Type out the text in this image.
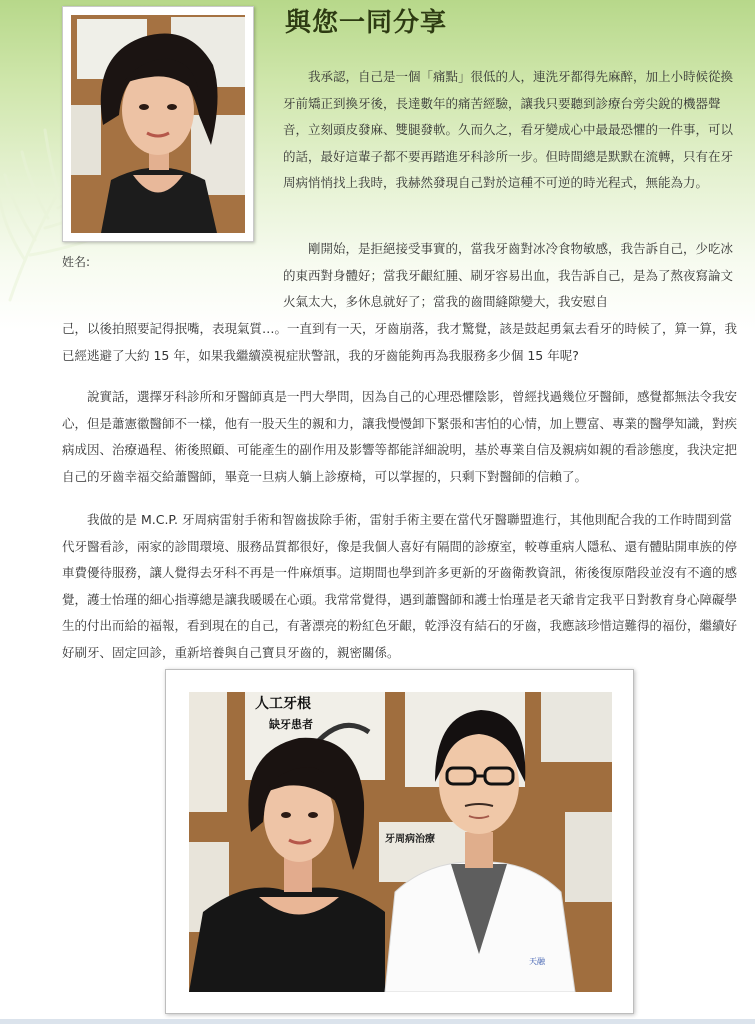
與您一同分享
姓名:

我承認，自己是一個「痛點」很低的人，連洗牙都得先麻醉，加上小時候從換牙前矯正到換牙後，長達數年的痛苦經驗，讓我只要聽到診療台旁尖銳的機器聲音，立刻頭皮發麻、雙腿發軟。久而久之，看牙變成心中最最恐懼的一件事，可以的話，最好這輩子都不要再踏進牙科診所一步。但時間總是默默在流轉，只有在牙周病悄悄找上我時，我赫然發現自己對於這種不可逆的時光程式，無能為力。

剛開始，是拒絕接受事實的，當我牙齒對冰冷食物敏感，我告訴自己，少吃冰的東西對身體好；當我牙齦紅腫、刷牙容易出血，我告訴自己，是為了熬夜寫論文火氣太大，多休息就好了；當我的齒間縫隙變大，我安慰自

己，以後拍照要記得抿嘴，表現氣質…。一直到有一天，牙齒崩落，我才驚覺，該是鼓起勇氣去看牙的時候了，算一算，我已經逃避了大約 15 年，如果我繼續漠視症狀警訊，我的牙齒能夠再為我服務多少個 15 年呢?

說實話，選擇牙科診所和牙醫師真是一門大學問，因為自己的心理恐懼陰影，曾經找過幾位牙醫師，感覺都無法令我安心，但是蕭憲徽醫師不一樣，他有一股天生的親和力，讓我慢慢卸下緊張和害怕的心情，加上豐富、專業的醫學知識，對疾病成因、治療過程、術後照顧、可能產生的副作用及影響等都能詳細說明，基於專業自信及親病如親的看診態度，我決定把自己的牙齒幸福交給蕭醫師，畢竟一旦病人躺上診療椅，可以掌握的，只剩下對醫師的信賴了。

我做的是 M.C.P. 牙周病雷射手術和智齒拔除手術，雷射手術主要在當代牙醫聯盟進行，其他則配合我的工作時間到當代牙醫看診，兩家的診間環境、服務品質都很好，像是我個人喜好有隔間的診療室，較尊重病人隱私、還有體貼開車族的停車費優待服務，讓人覺得去牙科不再是一件麻煩事。這期間也學到許多更新的牙齒衛教資訊，術後復原階段並沒有不適的感覺，護士怡瑾的細心指導總是讓我暖暖在心頭。我常常覺得，遇到蕭醫師和護士怡瑾是老天爺肯定我平日對教育身心障礙學生的付出而給的福報，看到現在的自己，有著漂亮的粉紅色牙齦，乾淨沒有結石的牙齒，我應該珍惜這難得的福份，繼續好好刷牙、固定回診，重新培養與自己寶貝牙齒的，親密關係。

人工牙根
缺牙患者
牙周病治療
天融
